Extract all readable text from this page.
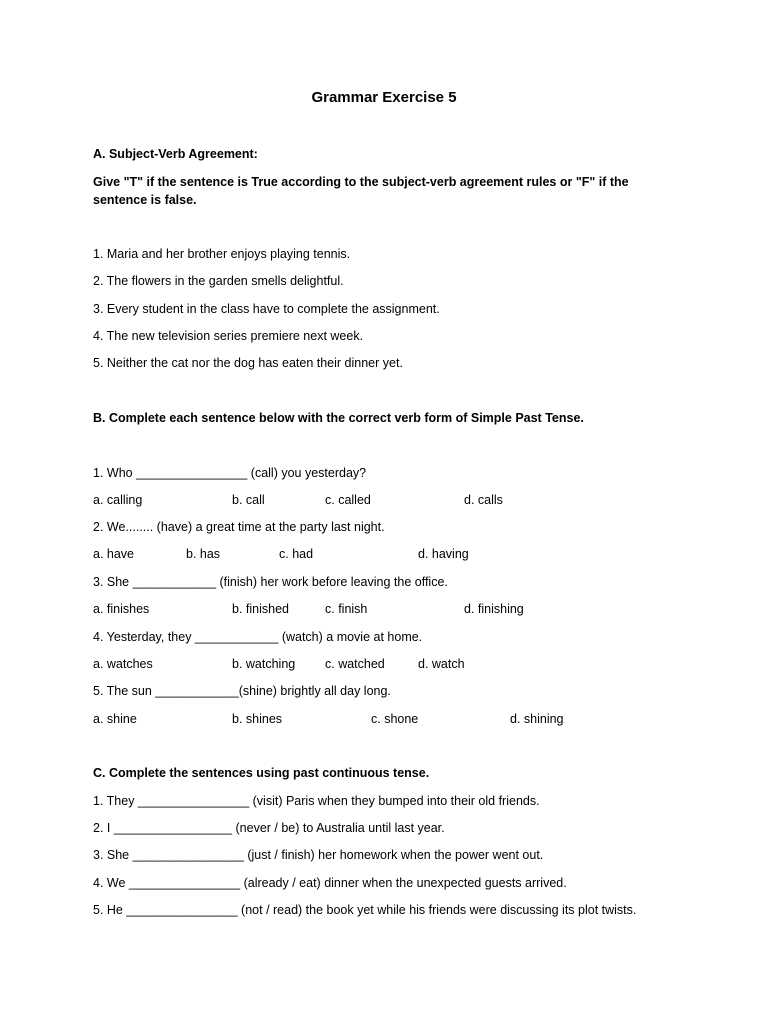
Grammar Exercise 5
A. Subject-Verb Agreement:
Give "T" if the sentence is True according to the subject-verb agreement rules or "F" if the sentence is false.
1. Maria and her brother enjoys playing tennis.
2. The flowers in the garden smells delightful.
3. Every student in the class have to complete the assignment.
4. The new television series premiere next week.
5. Neither the cat nor the dog has eaten their dinner yet.
B. Complete each sentence below with the correct verb form of Simple Past Tense.
1. Who ________________ (call) you yesterday?
a. calling	b. call	c. called	d. calls
2. We........ (have) a great time at the party last night.
a. have	b. has	c. had	d. having
3. She ____________ (finish) her work before leaving the office.
a. finishes	b. finished	c. finish	d. finishing
4. Yesterday, they ____________ (watch) a movie at home.
a. watches	b. watching c. watched	d. watch
5. The sun ____________(shine) brightly all day long.
a. shine	b. shines	c. shone	d. shining
C. Complete the sentences using past continuous tense.
1. They ________________ (visit) Paris when they bumped into their old friends.
2. I _________________ (never / be) to Australia until last year.
3. She ________________ (just / finish) her homework when the power went out.
4. We ________________ (already / eat) dinner when the unexpected guests arrived.
5. He ________________ (not / read) the book yet while his friends were discussing its plot twists.
